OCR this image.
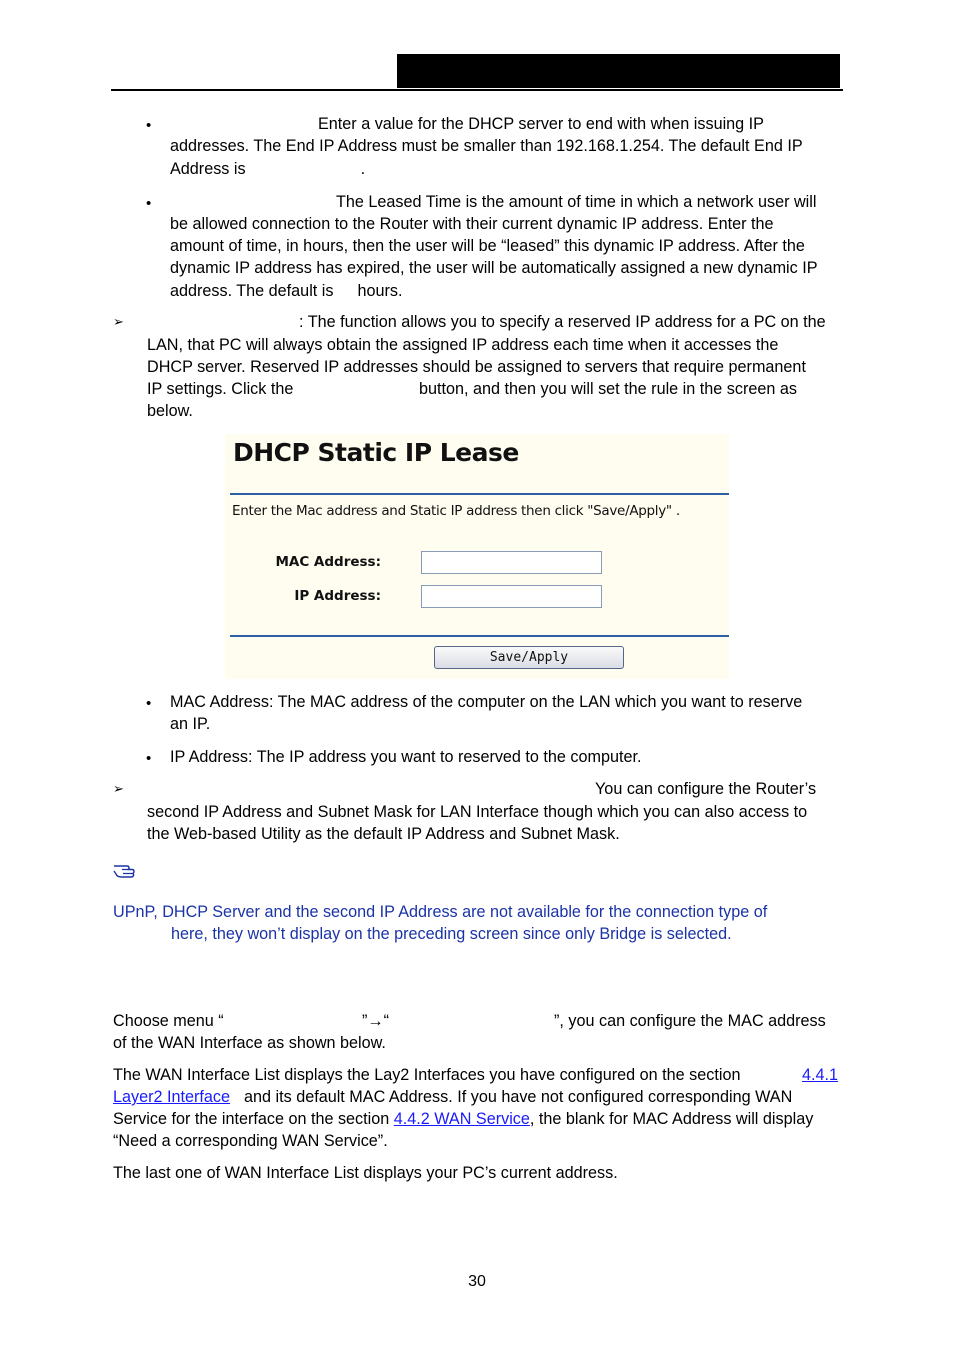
•	Enter a value for the DHCP server to end with when issuing IP

addresses. The End IP Address must be smaller than 192.168.1.254. The default End IP

Address is	.

•	The Leased Time is the amount of time in which a network user will

be allowed connection to the Router with their current dynamic IP address. Enter the

amount of time, in hours, then the user will be “leased” this dynamic IP address. After the

dynamic IP address has expired, the user will be automatically assigned a new dynamic IP

address. The default is hours.

➢	: The function allows you to specify a reserved IP address for a PC on the

LAN, that PC will always obtain the assigned IP address each time when it accesses the

DHCP server. Reserved IP addresses should be assigned to servers that require permanent

IP settings. Click the	button, and then you will set the rule in the screen as

below.

DHCP Static IP Lease
Enter the Mac address and Static IP address then click "Save/Apply" .
MAC Address:
IP Address:
Save/Apply
• MAC Address: The MAC address of the computer on the LAN which you want to reserve

an IP.

• IP Address: The IP address you want to reserved to the computer.

➢	You can configure the Router’s

second IP Address and Subnet Mask for LAN Interface though which you can also access to

the Web-based Utility as the default IP Address and Subnet Mask.

UPnP, DHCP Server and the second IP Address are not available for the connection type of

here, they won’t display on the preceding screen since only Bridge is selected.

Choose menu “	”→“	”, you can configure the MAC address

of the WAN Interface as shown below.

The WAN Interface List displays the Lay2 Interfaces you have configured on the section	4.4.1
Layer2 Interface and its default MAC Address. If you have not configured corresponding WAN

Service for the interface on the section 4.4.2 WAN Service, the blank for MAC Address will display

“Need a corresponding WAN Service”.

The last one of WAN Interface List displays your PC’s current address.

30
